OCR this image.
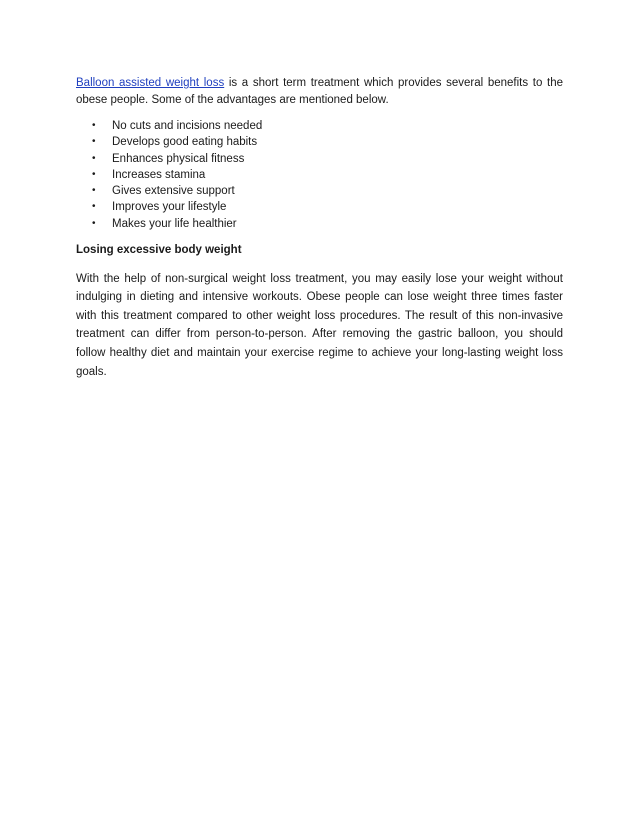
Balloon assisted weight loss is a short term treatment which provides several benefits to the obese people. Some of the advantages are mentioned below.

• No cuts and incisions needed
• Develops good eating habits
• Enhances physical fitness
• Increases stamina
• Gives extensive support
• Improves your lifestyle
• Makes your life healthier
Losing excessive body weight

With the help of non-surgical weight loss treatment, you may easily lose your weight without indulging in dieting and intensive workouts. Obese people can lose weight three times faster with this treatment compared to other weight loss procedures. The result of this non-invasive treatment can differ from person-to-person. After removing the gastric balloon, you should follow healthy diet and maintain your exercise regime to achieve your long-lasting weight loss goals.
